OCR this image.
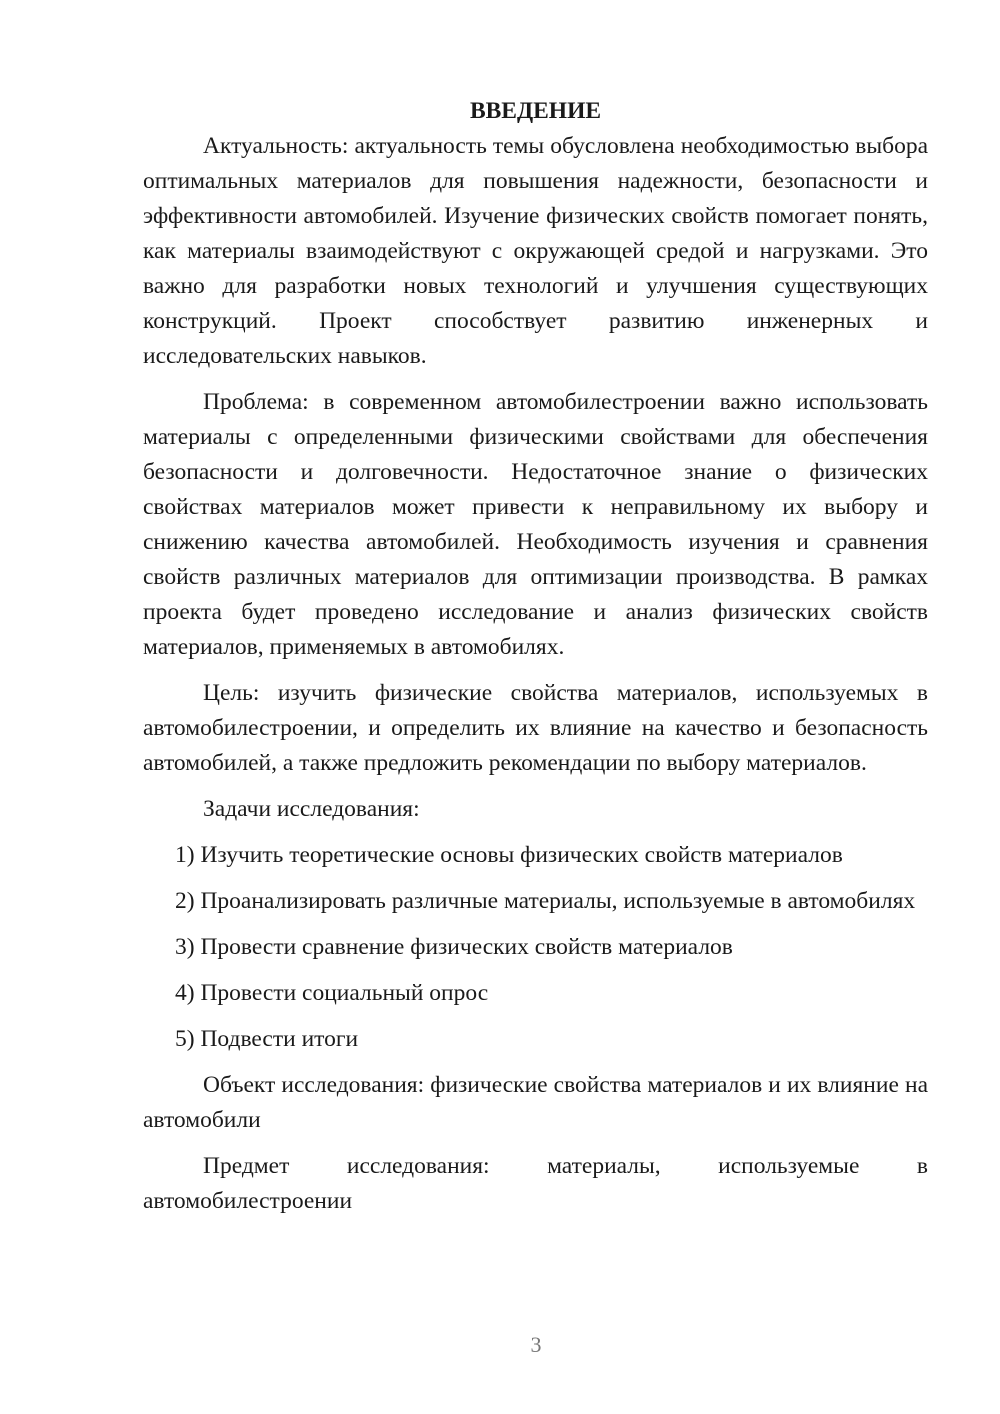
ВВЕДЕНИЕ

Актуальность: актуальность темы обусловлена необходимостью выбора оптимальных материалов для повышения надежности, безопасности и эффективности автомобилей. Изучение физических свойств помогает понять, как материалы взаимодействуют с окружающей средой и нагрузками. Это важно для разработки новых технологий и улучшения существующих конструкций. Проект способствует развитию инженерных и исследовательских навыков.

Проблема: в современном автомобилестроении важно использовать материалы с определенными физическими свойствами для обеспечения безопасности и долговечности. Недостаточное знание о физических свойствах материалов может привести к неправильному их выбору и снижению качества автомобилей. Необходимость изучения и сравнения свойств различных материалов для оптимизации производства. В рамках проекта будет проведено исследование и анализ физических свойств материалов, применяемых в автомобилях.

Цель: изучить физические свойства материалов, используемых в автомобилестроении, и определить их влияние на качество и безопасность автомобилей, а также предложить рекомендации по выбору материалов.

Задачи исследования:

1) Изучить теоретические основы физических свойств материалов

2) Проанализировать различные материалы, используемые в автомобилях

3) Провести сравнение физических свойств материалов

4) Провести социальный опрос

5) Подвести итоги

Объект исследования: физические свойства материалов и их влияние на автомобили

Предмет исследования: материалы, используемые в автомобилестроении

3
